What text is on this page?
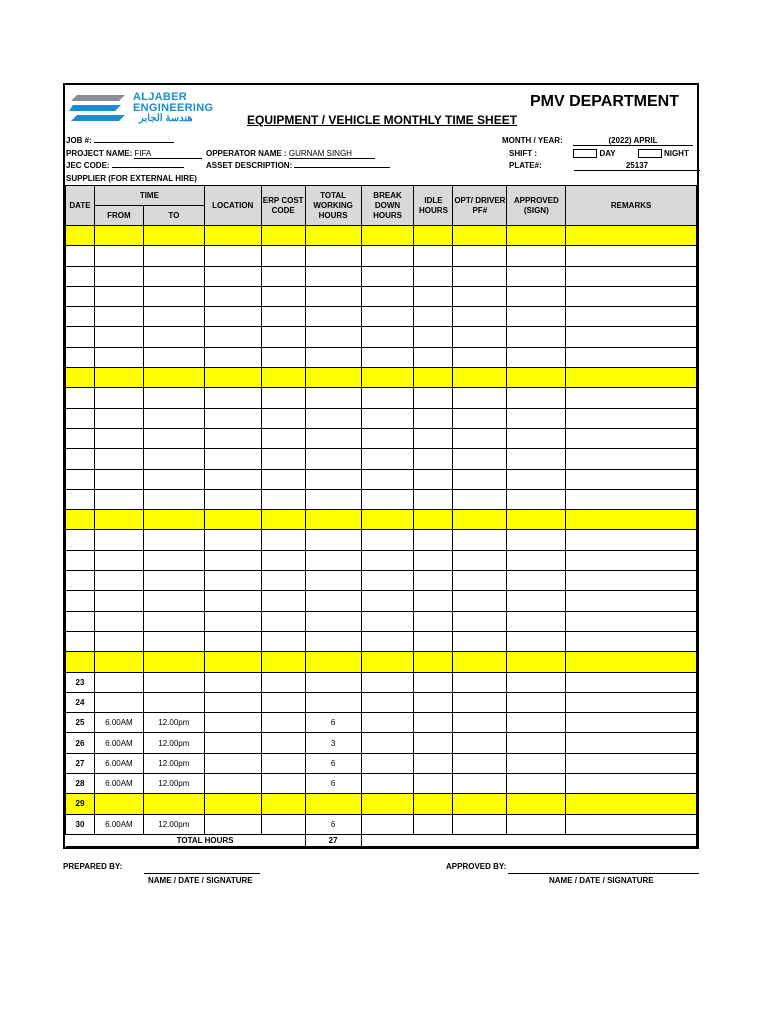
ALJABER
ENGINEERING
هندسة الجابر
PMV DEPARTMENT
EQUIPMENT / VEHICLE MONTHLY TIME SHEET
JOB #:
PROJECT NAME: FIFA
JEC CODE:
SUPPLIER (FOR EXTERNAL HIRE)
OPPERATOR NAME : GURNAM SINGH
ASSET DESCRIPTION:
MONTH / YEAR:	(2022) APRIL
SHIFT :	DAY	NIGHT
PLATE#:	25137
DATE	TIME		LOCATION	ERP COST CODE	TOTAL WORKING HOURS	BREAK DOWN HOURS	IDLE HOURS	OPT/ DRIVER PF#	APPROVED (SIGN)	REMARKS
	FROM	TO								

23										
24										
25	6.00AM	12.00pm			6					
26	6.00AM	12.00pm			3					
27	6.00AM	12.00pm			6					
28	6.00AM	12.00pm			6					
29										
30	6.00AM	12.00pm			6					
TOTAL HOURS					27					
PREPARED BY:
NAME / DATE / SIGNATURE
APPROVED BY:
NAME / DATE / SIGNATURE
